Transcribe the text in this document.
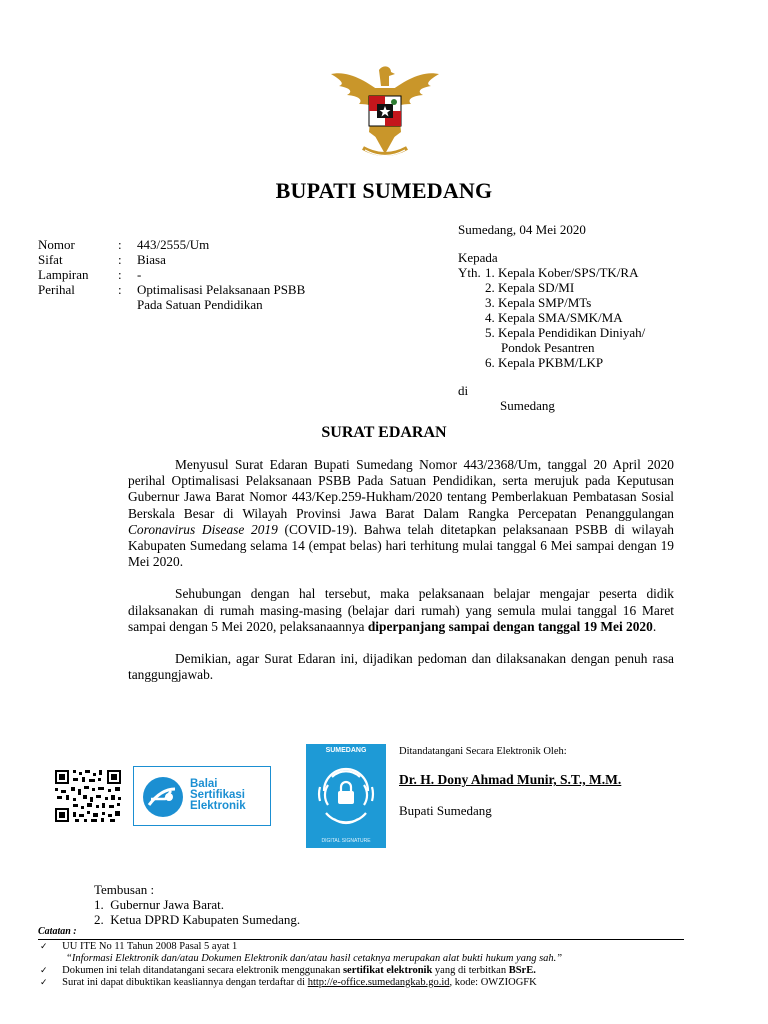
BUPATI SUMEDANG
Sumedang, 04 Mei 2020
Nomor	: 443/2555/Um
Sifat	: Biasa
Lampiran : -
Perihal	: Optimalisasi Pelaksanaan PSBB
Pada Satuan Pendidikan
Kepada
Yth. 1. Kepala Kober/SPS/TK/RA
2. Kepala SD/MI
3. Kepala SMP/MTs
4. Kepala SMA/SMK/MA
5. Kepala Pendidikan Diniyah/
Pondok Pesantren
6. Kepala PKBM/LKP
di
Sumedang
SURAT EDARAN

Menyusul Surat Edaran Bupati Sumedang Nomor 443/2368/Um, tanggal 20 April 2020 perihal Optimalisasi Pelaksanaan PSBB Pada Satuan Pendidikan, serta merujuk pada Keputusan Gubernur Jawa Barat Nomor 443/Kep.259-Hukham/2020 tentang Pemberlakuan Pembatasan Sosial Berskala Besar di Wilayah Provinsi Jawa Barat Dalam Rangka Percepatan Penanggulangan Coronavirus Disease 2019 (COVID-19). Bahwa telah ditetapkan pelaksanaan PSBB di wilayah Kabupaten Sumedang selama 14 (empat belas) hari terhitung mulai tanggal 6 Mei sampai dengan 19 Mei 2020.

Sehubungan dengan hal tersebut, maka pelaksanaan belajar mengajar peserta didik dilaksanakan di rumah masing-masing (belajar dari rumah) yang semula mulai tanggal 16 Maret sampai dengan 5 Mei 2020, pelaksanaannya diperpanjang sampai dengan tanggal 19 Mei 2020.

Demikian, agar Surat Edaran ini, dijadikan pedoman dan dilaksanakan dengan penuh rasa tanggungjawab.

Balai
Sertifikasi
Elektronik
SUMEDANG
DIGITAL SIGNATURE
Ditandatangani Secara Elektronik Oleh:
Dr. H. Dony Ahmad Munir, S.T., M.M.
Bupati Sumedang
Tembusan :
1.  Gubernur Jawa Barat.
2.  Ketua DPRD Kabupaten Sumedang.
Catatan :
✓ UU ITE No 11 Tahun 2008 Pasal 5 ayat 1
“Informasi Elektronik dan/atau Dokumen Elektronik dan/atau hasil cetaknya merupakan alat bukti hukum yang sah.”
✓ Dokumen ini telah ditandatangani secara elektronik menggunakan sertifikat elektronik yang di terbitkan BSrE.
✓ Surat ini dapat dibuktikan keasliannya dengan terdaftar di http://e-office.sumedangkab.go.id, kode: OWZIOGFK
